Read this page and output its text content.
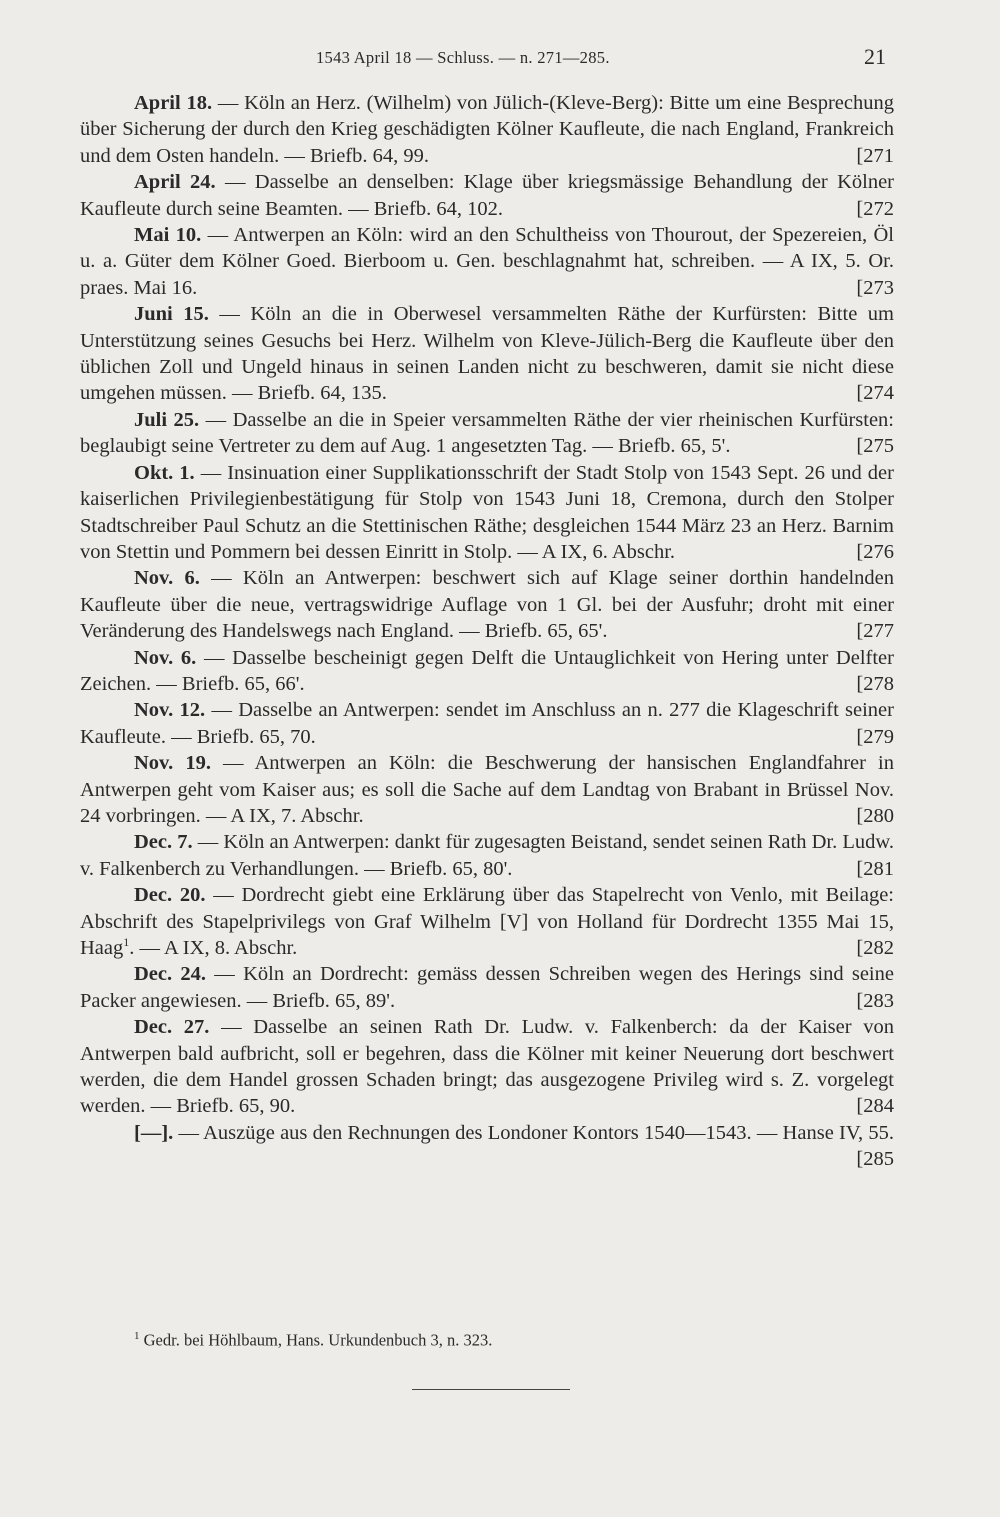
1543 April 18 — Schluss. — n. 271—285.	21

April 18. — Köln an Herz. (Wilhelm) von Jülich-(Kleve-Berg): Bitte um eine Besprechung über Sicherung der durch den Krieg geschädigten Kölner Kaufleute, die nach England, Frankreich und dem Osten handeln. — Briefb. 64, 99.	[271

April 24. — Dasselbe an denselben: Klage über kriegsmässige Behandlung der Kölner Kaufleute durch seine Beamten. — Briefb. 64, 102.	[272

Mai 10. — Antwerpen an Köln: wird an den Schultheiss von Thourout, der Spezereien, Öl u. a. Güter dem Kölner Goed. Bierboom u. Gen. beschlagnahmt hat, schreiben. — A IX, 5. Or. praes. Mai 16.	[273

Juni 15. — Köln an die in Oberwesel versammelten Räthe der Kurfürsten: Bitte um Unterstützung seines Gesuchs bei Herz. Wilhelm von Kleve-Jülich-Berg die Kaufleute über den üblichen Zoll und Ungeld hinaus in seinen Landen nicht zu beschweren, damit sie nicht diese umgehen müssen. — Briefb. 64, 135.	[274

Juli 25. — Dasselbe an die in Speier versammelten Räthe der vier rheinischen Kurfürsten: beglaubigt seine Vertreter zu dem auf Aug. 1 angesetzten Tag. — Briefb. 65, 5'.	[275

Okt. 1. — Insinuation einer Supplikationsschrift der Stadt Stolp von 1543 Sept. 26 und der kaiserlichen Privilegienbestätigung für Stolp von 1543 Juni 18, Cremona, durch den Stolper Stadtschreiber Paul Schutz an die Stettinischen Räthe; desgleichen 1544 März 23 an Herz. Barnim von Stettin und Pommern bei dessen Einritt in Stolp. — A IX, 6. Abschr.	[276

Nov. 6. — Köln an Antwerpen: beschwert sich auf Klage seiner dorthin handelnden Kaufleute über die neue, vertragswidrige Auflage von 1 Gl. bei der Ausfuhr; droht mit einer Veränderung des Handelswegs nach England. — Briefb. 65, 65'.	[277

Nov. 6. — Dasselbe bescheinigt gegen Delft die Untauglichkeit von Hering unter Delfter Zeichen. — Briefb. 65, 66'.	[278

Nov. 12. — Dasselbe an Antwerpen: sendet im Anschluss an n. 277 die Klageschrift seiner Kaufleute. — Briefb. 65, 70.	[279

Nov. 19. — Antwerpen an Köln: die Beschwerung der hansischen Englandfahrer in Antwerpen geht vom Kaiser aus; es soll die Sache auf dem Landtag von Brabant in Brüssel Nov. 24 vorbringen. — A IX, 7. Abschr.	[280

Dec. 7. — Köln an Antwerpen: dankt für zugesagten Beistand, sendet seinen Rath Dr. Ludw. v. Falkenberch zu Verhandlungen. — Briefb. 65, 80'.	[281

Dec. 20. — Dordrecht giebt eine Erklärung über das Stapelrecht von Venlo, mit Beilage: Abschrift des Stapelprivilegs von Graf Wilhelm [V] von Holland für Dordrecht 1355 Mai 15, Haag$^1$. — A IX, 8. Abschr.	[282

Dec. 24. — Köln an Dordrecht: gemäss dessen Schreiben wegen des Herings sind seine Packer angewiesen. — Briefb. 65, 89'.	[283

Dec. 27. — Dasselbe an seinen Rath Dr. Ludw. v. Falkenberch: da der Kaiser von Antwerpen bald aufbricht, soll er begehren, dass die Kölner mit keiner Neuerung dort beschwert werden, die dem Handel grossen Schaden bringt; das ausgezogene Privileg wird s. Z. vorgelegt werden. — Briefb. 65, 90.	[284

[—]. — Auszüge aus den Rechnungen des Londoner Kontors 1540—1543. — Hanse IV, 55.
[285

$^1$ Gedr. bei Höhlbaum, Hans. Urkundenbuch 3, n. 323.
